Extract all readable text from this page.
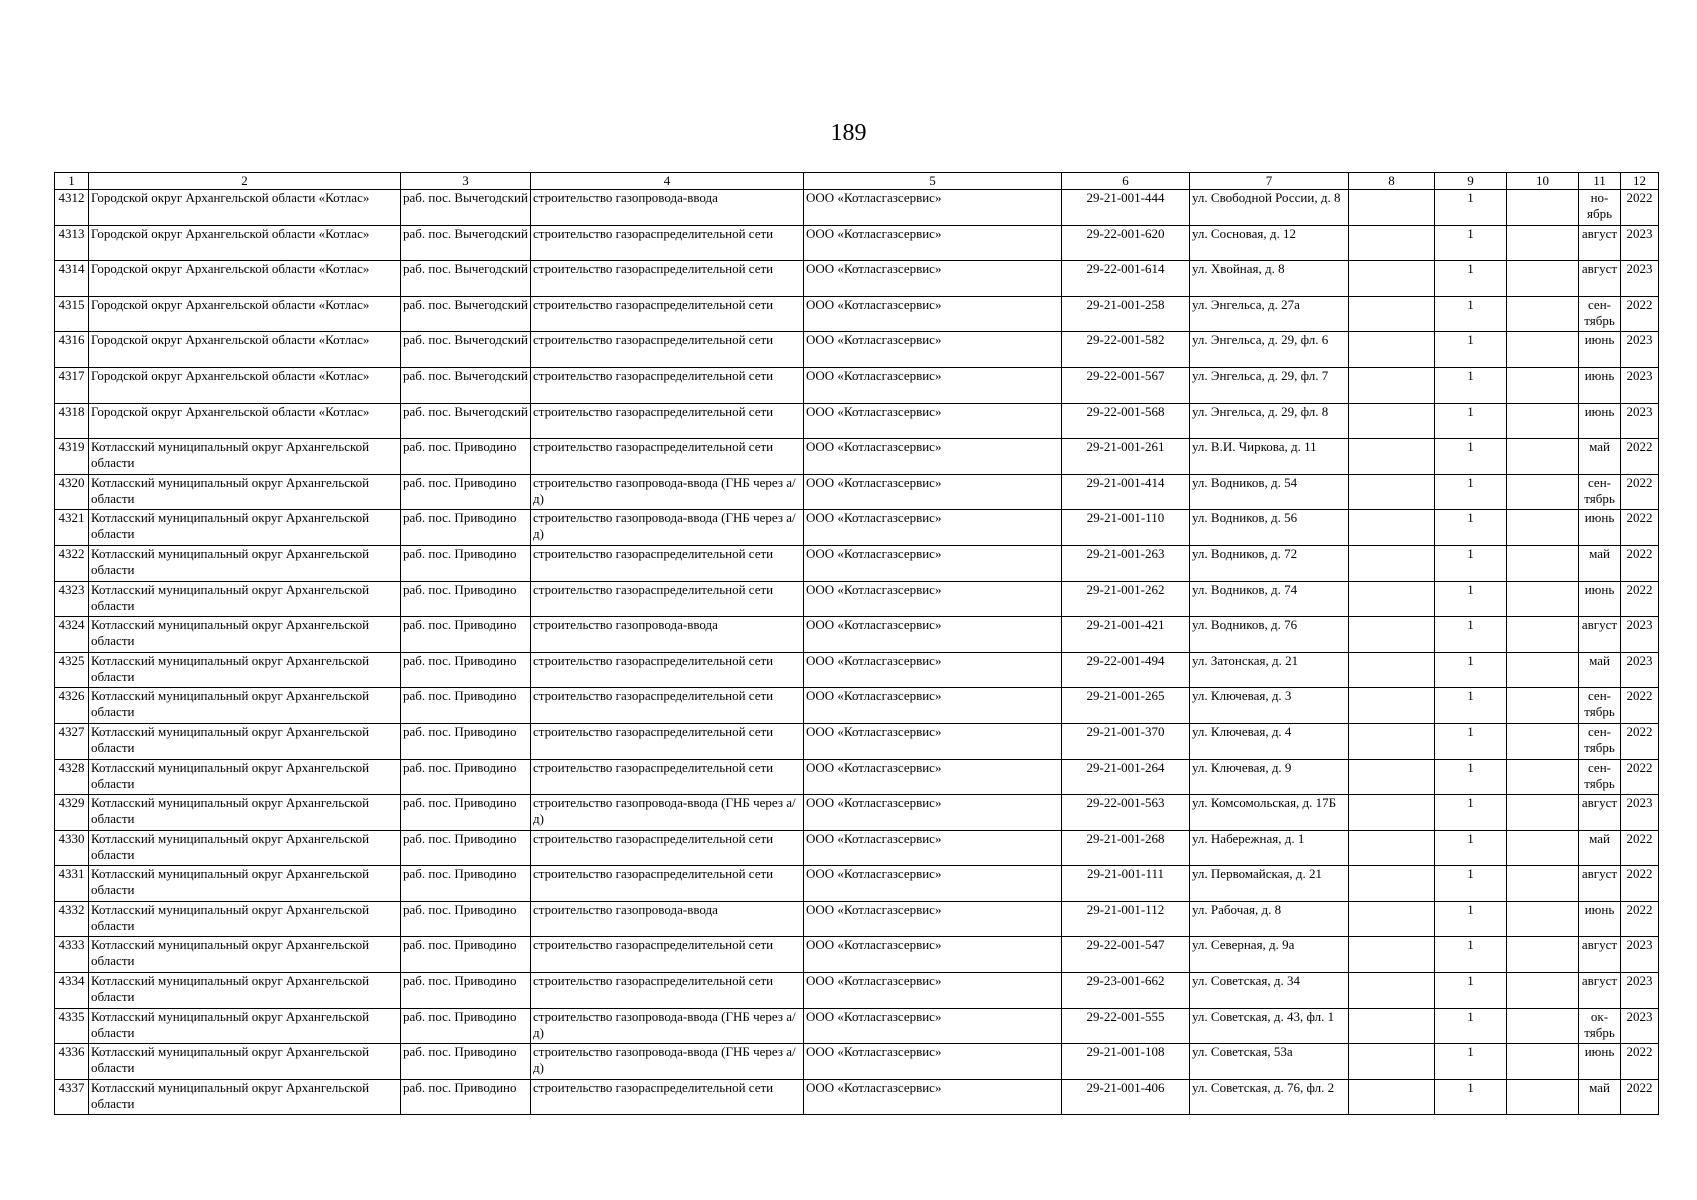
189
1	2	3	4	5	6	7	8	9	10	11	12
4312	Городской округ Архангельской области «Котлас»	раб. пос. Вычегодский	строительство газопровода-ввода	ООО «Котласгазсервис»	29-21-001-444	ул. Свободной России, д. 8		1		но-ябрь	2022
4313	Городской округ Архангельской области «Котлас»	раб. пос. Вычегодский	строительство газораспределительной сети	ООО «Котласгазсервис»	29-22-001-620	ул. Сосновая, д. 12		1		август	2023
4314	Городской округ Архангельской области «Котлас»	раб. пос. Вычегодский	строительство газораспределительной сети	ООО «Котласгазсервис»	29-22-001-614	ул. Хвойная, д. 8		1		август	2023
4315	Городской округ Архангельской области «Котлас»	раб. пос. Вычегодский	строительство газораспределительной сети	ООО «Котласгазсервис»	29-21-001-258	ул. Энгельса, д. 27а		1		сен-тябрь	2022
4316	Городской округ Архангельской области «Котлас»	раб. пос. Вычегодский	строительство газораспределительной сети	ООО «Котласгазсервис»	29-22-001-582	ул. Энгельса, д. 29, фл. 6		1		июнь	2023
4317	Городской округ Архангельской области «Котлас»	раб. пос. Вычегодский	строительство газораспределительной сети	ООО «Котласгазсервис»	29-22-001-567	ул. Энгельса, д. 29, фл. 7		1		июнь	2023
4318	Городской округ Архангельской области «Котлас»	раб. пос. Вычегодский	строительство газораспределительной сети	ООО «Котласгазсервис»	29-22-001-568	ул. Энгельса, д. 29, фл. 8		1		июнь	2023
4319	Котласский муниципальный округ Архангельской области	раб. пос. Приводино	строительство газораспределительной сети	ООО «Котласгазсервис»	29-21-001-261	ул. В.И. Чиркова, д. 11		1		май	2022
4320	Котласский муниципальный округ Архангельской области	раб. пос. Приводино	строительство газопровода-ввода (ГНБ через а/д)	ООО «Котласгазсервис»	29-21-001-414	ул. Водников, д. 54		1		сен-тябрь	2022
4321	Котласский муниципальный округ Архангельской области	раб. пос. Приводино	строительство газопровода-ввода (ГНБ через а/д)	ООО «Котласгазсервис»	29-21-001-110	ул. Водников, д. 56		1		июнь	2022
4322	Котласский муниципальный округ Архангельской области	раб. пос. Приводино	строительство газораспределительной сети	ООО «Котласгазсервис»	29-21-001-263	ул. Водников, д. 72		1		май	2022
4323	Котласский муниципальный округ Архангельской области	раб. пос. Приводино	строительство газораспределительной сети	ООО «Котласгазсервис»	29-21-001-262	ул. Водников, д. 74		1		июнь	2022
4324	Котласский муниципальный округ Архангельской области	раб. пос. Приводино	строительство газопровода-ввода	ООО «Котласгазсервис»	29-21-001-421	ул. Водников, д. 76		1		август	2023
4325	Котласский муниципальный округ Архангельской области	раб. пос. Приводино	строительство газораспределительной сети	ООО «Котласгазсервис»	29-22-001-494	ул. Затонская, д. 21		1		май	2023
4326	Котласский муниципальный округ Архангельской области	раб. пос. Приводино	строительство газораспределительной сети	ООО «Котласгазсервис»	29-21-001-265	ул. Ключевая, д. 3		1		сен-тябрь	2022
4327	Котласский муниципальный округ Архангельской области	раб. пос. Приводино	строительство газораспределительной сети	ООО «Котласгазсервис»	29-21-001-370	ул. Ключевая, д. 4		1		сен-тябрь	2022
4328	Котласский муниципальный округ Архангельской области	раб. пос. Приводино	строительство газораспределительной сети	ООО «Котласгазсервис»	29-21-001-264	ул. Ключевая, д. 9		1		сен-тябрь	2022
4329	Котласский муниципальный округ Архангельской области	раб. пос. Приводино	строительство газопровода-ввода (ГНБ через а/д)	ООО «Котласгазсервис»	29-22-001-563	ул. Комсомольская, д. 17Б		1		август	2023
4330	Котласский муниципальный округ Архангельской области	раб. пос. Приводино	строительство газораспределительной сети	ООО «Котласгазсервис»	29-21-001-268	ул. Набережная, д. 1		1		май	2022
4331	Котласский муниципальный округ Архангельской области	раб. пос. Приводино	строительство газораспределительной сети	ООО «Котласгазсервис»	29-21-001-111	ул. Первомайская, д. 21		1		август	2022
4332	Котласский муниципальный округ Архангельской области	раб. пос. Приводино	строительство газопровода-ввода	ООО «Котласгазсервис»	29-21-001-112	ул. Рабочая, д. 8		1		июнь	2022
4333	Котласский муниципальный округ Архангельской области	раб. пос. Приводино	строительство газораспределительной сети	ООО «Котласгазсервис»	29-22-001-547	ул. Северная, д. 9а		1		август	2023
4334	Котласский муниципальный округ Архангельской области	раб. пос. Приводино	строительство газораспределительной сети	ООО «Котласгазсервис»	29-23-001-662	ул. Советская, д. 34		1		август	2023
4335	Котласский муниципальный округ Архангельской области	раб. пос. Приводино	строительство газопровода-ввода (ГНБ через а/д)	ООО «Котласгазсервис»	29-22-001-555	ул. Советская, д. 43, фл. 1		1		ок-тябрь	2023
4336	Котласский муниципальный округ Архангельской области	раб. пос. Приводино	строительство газопровода-ввода (ГНБ через а/д)	ООО «Котласгазсервис»	29-21-001-108	ул. Советская, 53а		1		июнь	2022
4337	Котласский муниципальный округ Архангельской области	раб. пос. Приводино	строительство газораспределительной сети	ООО «Котласгазсервис»	29-21-001-406	ул. Советская, д. 76, фл. 2		1		май	2022
